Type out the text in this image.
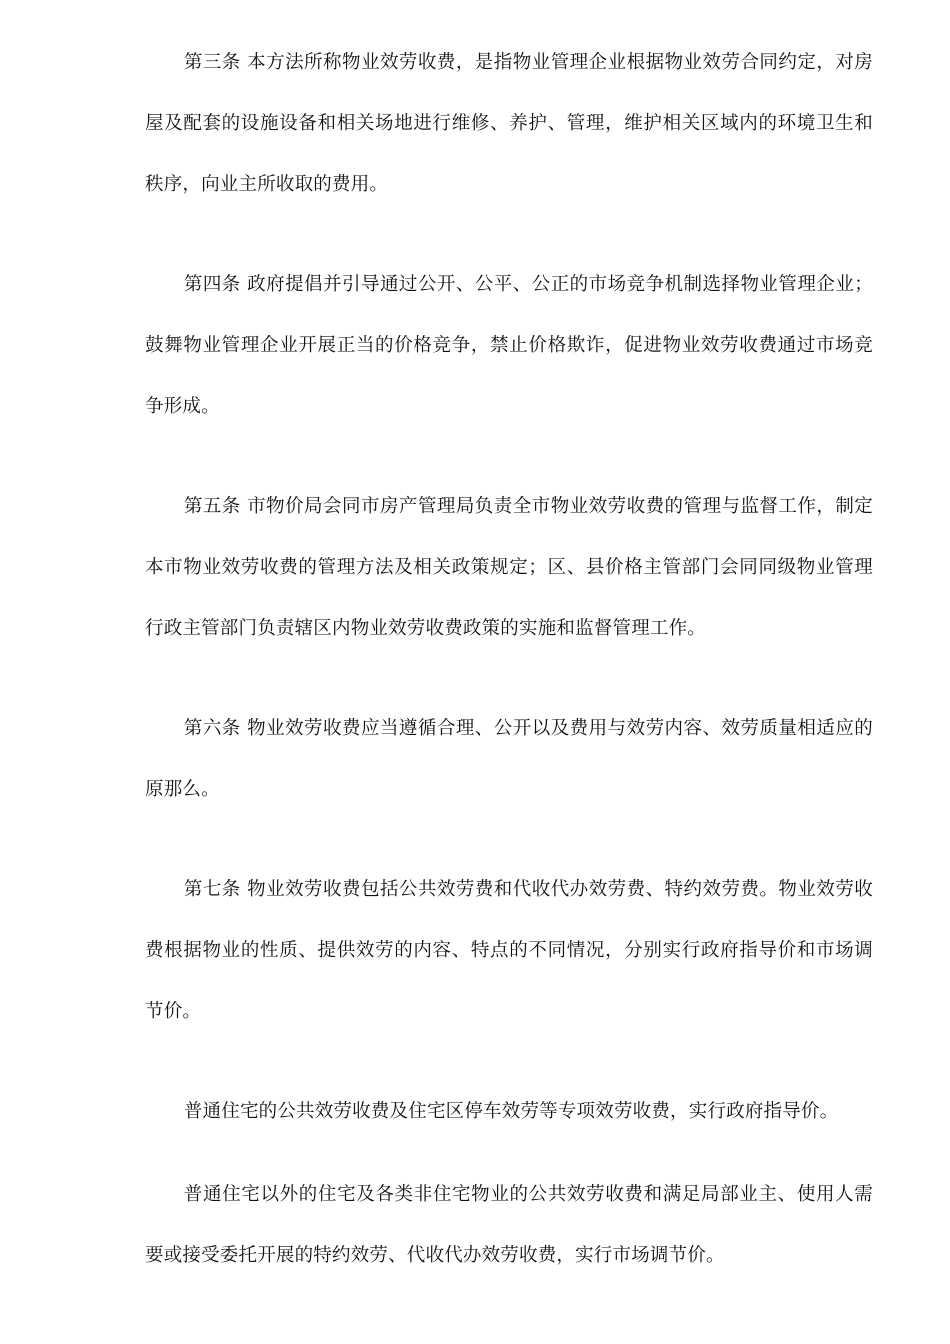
第三条 本方法所称物业效劳收费，是指物业管理企业根据物业效劳合同约定，对房屋及配套的设施设备和相关场地进行维修、养护、管理，维护相关区域内的环境卫生和秩序，向业主所收取的费用。

第四条 政府提倡并引导通过公开、公平、公正的市场竞争机制选择物业管理企业；鼓舞物业管理企业开展正当的价格竞争，禁止价格欺诈，促进物业效劳收费通过市场竞争形成。

第五条 市物价局会同市房产管理局负责全市物业效劳收费的管理与监督工作，制定本市物业效劳收费的管理方法及相关政策规定；区、县价格主管部门会同同级物业管理行政主管部门负责辖区内物业效劳收费政策的实施和监督管理工作。

第六条 物业效劳收费应当遵循合理、公开以及费用与效劳内容、效劳质量相适应的原那么。

第七条 物业效劳收费包括公共效劳费和代收代办效劳费、特约效劳费。物业效劳收费根据物业的性质、提供效劳的内容、特点的不同情况，分别实行政府指导价和市场调节价。

普通住宅的公共效劳收费及住宅区停车效劳等专项效劳收费，实行政府指导价。

普通住宅以外的住宅及各类非住宅物业的公共效劳收费和满足局部业主、使用人需要或接受委托开展的特约效劳、代收代办效劳收费，实行市场调节价。
